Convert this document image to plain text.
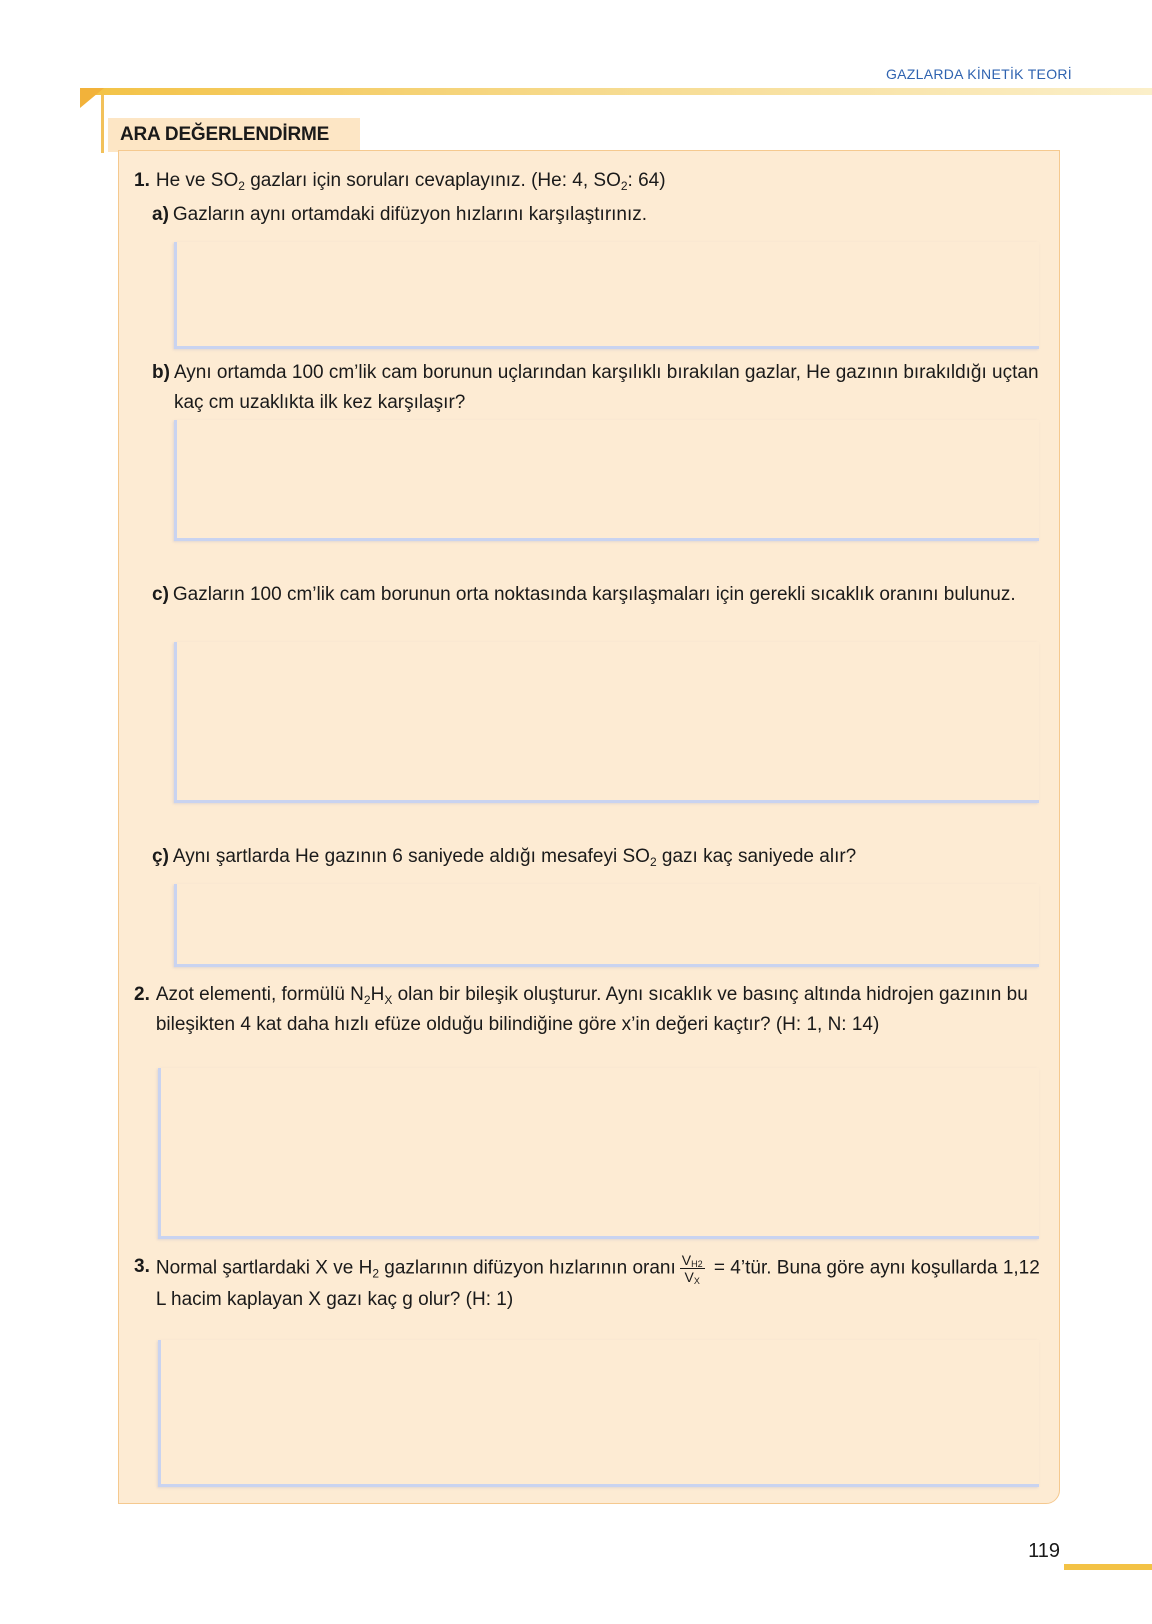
GAZLARDA KİNETİK TEORİ
ARA DEĞERLENDİRME
1. He ve $SO_2$ gazları için soruları cevaplayınız. (He: 4, $SO_2$: 64)
a) Gazların aynı ortamdaki difüzyon hızlarını karşılaştırınız.
b) Aynı ortamda 100 cm’lik cam borunun uçlarından karşılıklı bırakılan gazlar, He gazının bırakıldığı uçtan kaç cm uzaklıkta ilk kez karşılaşır?
c) Gazların 100 cm’lik cam borunun orta noktasında karşılaşmaları için gerekli sıcaklık oranını bulunuz.
ç) Aynı şartlarda He gazının 6 saniyede aldığı mesafeyi $SO_2$ gazı kaç saniyede alır?
2. Azot elementi, formülü $N_2H_X$ olan bir bileşik oluşturur. Aynı sıcaklık ve basınç altında hidrojen gazının bu bileşikten 4 kat daha hızlı efüze olduğu bilindiğine göre x’in değeri kaçtır? (H: 1, N: 14)
3. Normal şartlardaki X ve $H_2$ gazlarının difüzyon hızlarının oranı $\frac{V_{H2}}{V_X}$ = 4’tür. Buna göre aynı koşullarda 1,12 L hacim kaplayan X gazı kaç g olur? (H: 1)
119
